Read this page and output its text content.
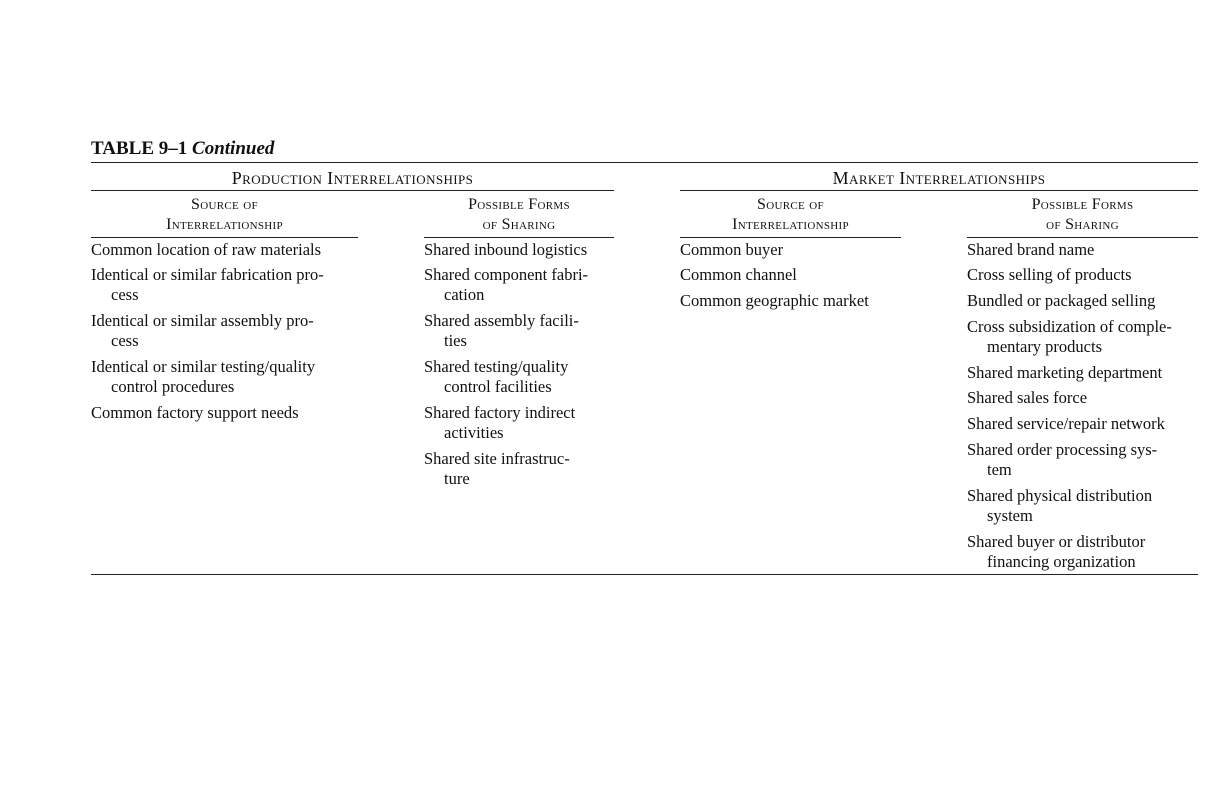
TABLE 9–1 Continued
Production Interrelationships	Market Interrelationships
Source of
Interrelationship
Possible Forms
of Sharing
Source of
Interrelationship
Possible Forms
of Sharing
Common location of raw materials
Identical or similar fabrication pro-
cess
Identical or similar assembly pro-
cess
Identical or similar testing/quality
control procedures
Common factory support needs
Shared inbound logistics
Shared component fabri-
cation
Shared assembly facili-
ties
Shared testing/quality
control facilities
Shared factory indirect
activities
Shared site infrastruc-
ture
Common buyer
Common channel
Common geographic market
Shared brand name
Cross selling of products
Bundled or packaged selling
Cross subsidization of comple-
mentary products
Shared marketing department
Shared sales force
Shared service/repair network
Shared order processing sys-
tem
Shared physical distribution
system
Shared buyer or distributor
financing organization
